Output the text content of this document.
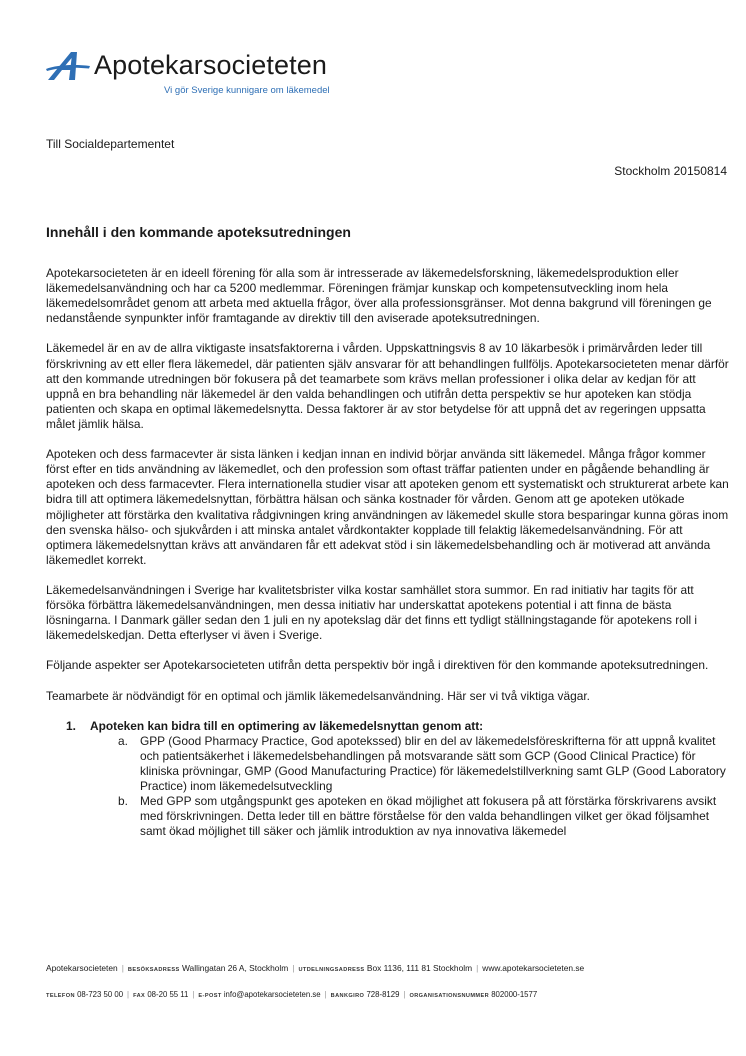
Apotekarsocieteten
Vi gör Sverige kunnigare om läkemedel
Till Socialdepartementet
Stockholm 20150814
Innehåll i den kommande apoteksutredningen

Apotekarsocieteten är en ideell förening för alla som är intresserade av läkemedelsforskning, läkemedelsproduktion eller läkemedelsanvändning och har ca 5200 medlemmar. Föreningen främjar kunskap och kompetensutveckling inom hela läkemedelsområdet genom att arbeta med aktuella frågor, över alla professionsgränser. Mot denna bakgrund vill föreningen ge nedanstående synpunkter inför framtagande av direktiv till den aviserade apoteksutredningen.

Läkemedel är en av de allra viktigaste insatsfaktorerna i vården. Uppskattningsvis 8 av 10 läkarbesök i primärvården leder till förskrivning av ett eller flera läkemedel, där patienten själv ansvarar för att behandlingen fullföljs. Apotekarsocieteten menar därför att den kommande utredningen bör fokusera på det teamarbete som krävs mellan professioner i olika delar av kedjan för att uppnå en bra behandling när läkemedel är den valda behandlingen och utifrån detta perspektiv se hur apoteken kan stödja patienten och skapa en optimal läkemedelsnytta. Dessa faktorer är av stor betydelse för att uppnå det av regeringen uppsatta målet jämlik hälsa.

Apoteken och dess farmacevter är sista länken i kedjan innan en individ börjar använda sitt läkemedel. Många frågor kommer först efter en tids användning av läkemedlet, och den profession som oftast träffar patienten under en pågående behandling är apoteken och dess farmacevter. Flera internationella studier visar att apoteken genom ett systematiskt och strukturerat arbete kan bidra till att optimera läkemedelsnyttan, förbättra hälsan och sänka kostnader för vården. Genom att ge apoteken utökade möjligheter att förstärka den kvalitativa rådgivningen kring användningen av läkemedel skulle stora besparingar kunna göras inom den svenska hälso- och sjukvården i att minska antalet vårdkontakter kopplade till felaktig läkemedelsanvändning. För att optimera läkemedelsnyttan krävs att användaren får ett adekvat stöd i sin läkemedelsbehandling och är motiverad att använda läkemedlet korrekt.

Läkemedelsanvändningen i Sverige har kvalitetsbrister vilka kostar samhället stora summor. En rad initiativ har tagits för att försöka förbättra läkemedelsanvändningen, men dessa initiativ har underskattat apotekens potential i att finna de bästa lösningarna. I Danmark gäller sedan den 1 juli en ny apotekslag där det finns ett tydligt ställningstagande för apotekens roll i läkemedelskedjan. Detta efterlyser vi även i Sverige.

Följande aspekter ser Apotekarsocieteten utifrån detta perspektiv bör ingå i direktiven för den kommande apoteksutredningen.

Teamarbete är nödvändigt för en optimal och jämlik läkemedelsanvändning. Här ser vi två viktiga vägar.

1. Apoteken kan bidra till en optimering av läkemedelsnyttan genom att:
a.	GPP (Good Pharmacy Practice, God apotekssed) blir en del av läkemedelsföreskrifterna för att uppnå kvalitet och patientsäkerhet i läkemedelsbehandlingen på motsvarande sätt som GCP (Good Clinical Practice) för kliniska prövningar, GMP (Good Manufacturing Practice) för läkemedelstillverkning samt GLP (Good Laboratory Practice) inom läkemedelsutveckling
b.	Med GPP som utgångspunkt ges apoteken en ökad möjlighet att fokusera på att förstärka förskrivarens avsikt med förskrivningen. Detta leder till en bättre förståelse för den valda behandlingen vilket ger ökad följsamhet samt ökad möjlighet till säker och jämlik introduktion av nya innovativa läkemedel
Apotekarsocieteten | BESÖKSADRESS Wallingatan 26 A, Stockholm | UTDELNINGSADRESS Box 1136, 111 81 Stockholm | www.apotekarsocieteten.se
TELEFON 08-723 50 00 | FAX 08-20 55 11 | E-POST info@apotekarsocieteten.se | BANKGIRO 728-8129 | ORGANISATIONSNUMMER 802000-1577
